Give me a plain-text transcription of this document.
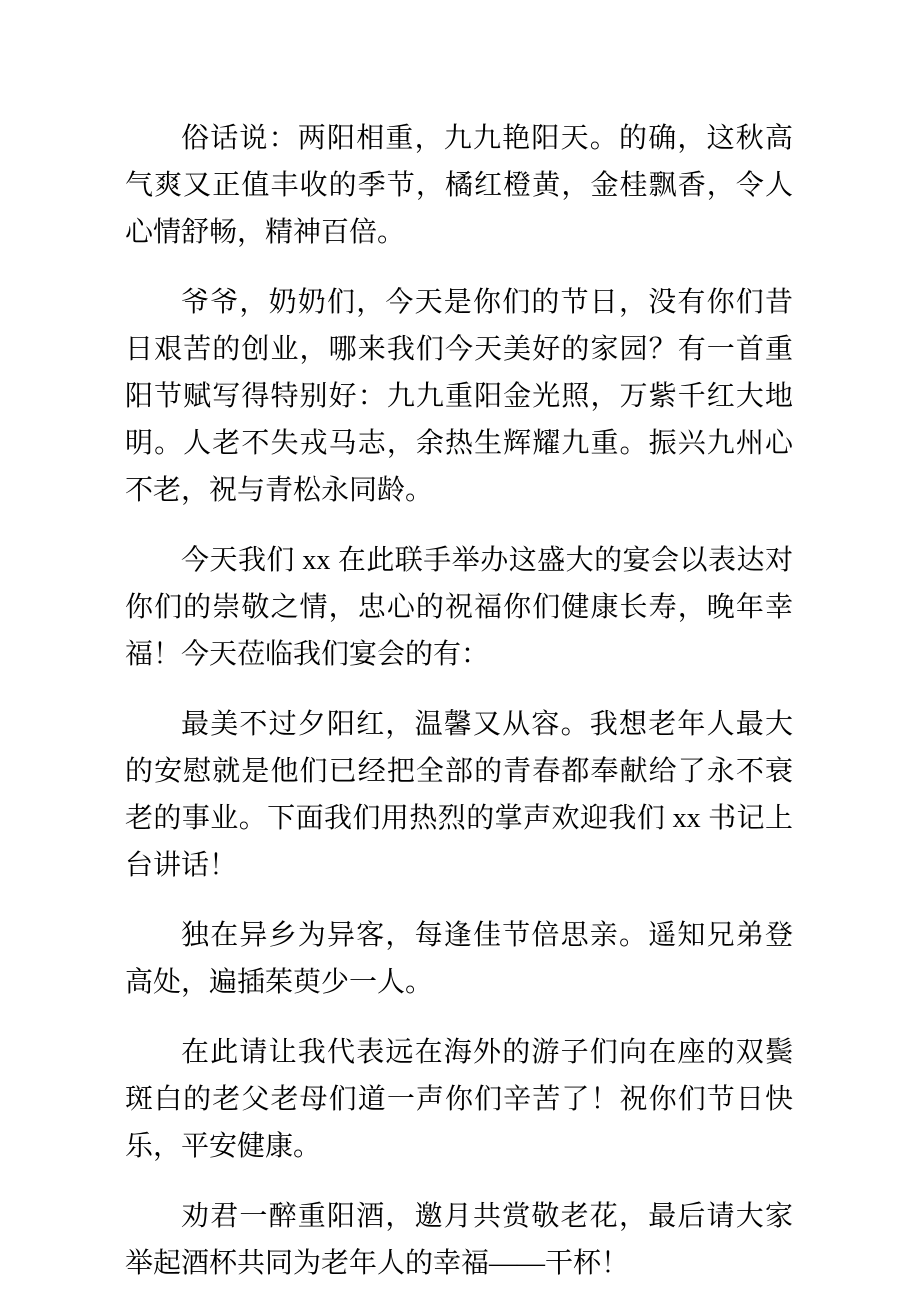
俗话说：两阳相重，九九艳阳天。的确，这秋高气爽又正值丰收的季节，橘红橙黄，金桂飘香，令人心情舒畅，精神百倍。

爷爷，奶奶们，今天是你们的节日，没有你们昔日艰苦的创业，哪来我们今天美好的家园？有一首重阳节赋写得特别好：九九重阳金光照，万紫千红大地明。人老不失戎马志，余热生辉耀九重。振兴九州心不老，祝与青松永同龄。

今天我们 xx 在此联手举办这盛大的宴会以表达对你们的崇敬之情，忠心的祝福你们健康长寿，晚年幸福！今天莅临我们宴会的有：

最美不过夕阳红，温馨又从容。我想老年人最大的安慰就是他们已经把全部的青春都奉献给了永不衰老的事业。下面我们用热烈的掌声欢迎我们 xx 书记上台讲话！

独在异乡为异客，每逢佳节倍思亲。遥知兄弟登高处，遍插茱萸少一人。

在此请让我代表远在海外的游子们向在座的双鬓斑白的老父老母们道一声你们辛苦了！祝你们节日快乐，平安健康。

劝君一醉重阳酒，邀月共赏敬老花，最后请大家举起酒杯共同为老年人的幸福——干杯！
